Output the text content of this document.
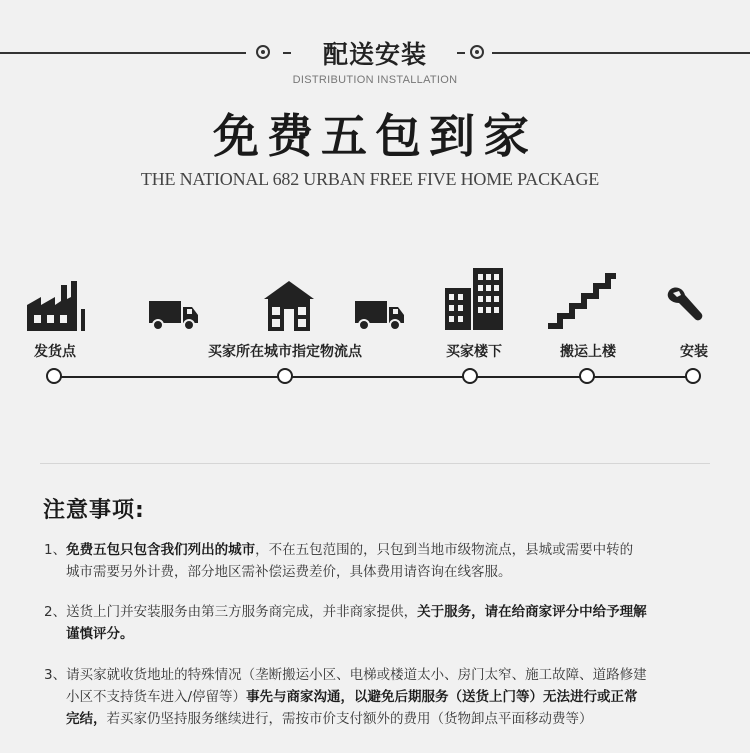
配送安装
DISTRIBUTION INSTALLATION
免费五包到家
THE NATIONAL 682 URBAN FREE FIVE HOME PACKAGE
发货点	买家所在城市指定物流点	买家楼下	搬运上楼	安装
注意事项:
1、免费五包只包含我们列出的城市，不在五包范围的，只包到当地市级物流点，县城或需要中转的
城市需要另外计费，部分地区需补偿运费差价，具体费用请咨询在线客服。
2、送货上门并安装服务由第三方服务商完成，并非商家提供，关于服务，请在给商家评分中给予理解
谨慎评分。
3、请买家就收货地址的特殊情况（垄断搬运小区、电梯或楼道太小、房门太窄、施工故障、道路修建
小区不支持货车进入/停留等）事先与商家沟通，以避免后期服务（送货上门等）无法进行或正常
完结，若买家仍坚持服务继续进行，需按市价支付额外的费用（货物卸点平面移动费等）
